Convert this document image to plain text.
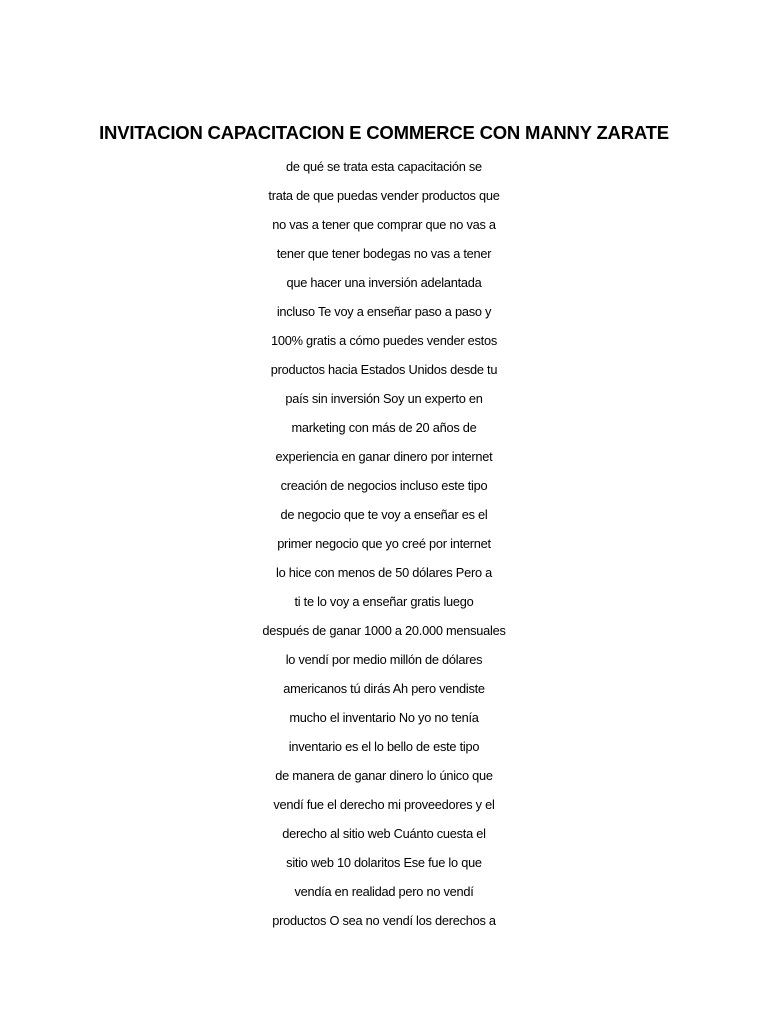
INVITACION CAPACITACION E COMMERCE CON MANNY ZARATE
de qué se trata esta capacitación se
trata de que puedas vender productos que
no vas a tener que comprar que no vas a
tener que tener bodegas no vas a tener
que hacer una inversión adelantada
incluso Te voy a enseñar paso a paso y
100% gratis a cómo puedes vender estos
productos hacia Estados Unidos desde tu
país sin inversión Soy un experto en
marketing con más de 20 años de
experiencia en ganar dinero por internet
creación de negocios incluso este tipo
de negocio que te voy a enseñar es el
primer negocio que yo creé por internet
lo hice con menos de 50 dólares Pero a
ti te lo voy a enseñar gratis luego
después de ganar 1000 a 20.000 mensuales
lo vendí por medio millón de dólares
americanos tú dirás Ah pero vendiste
mucho el inventario No yo no tenía
inventario es el lo bello de este tipo
de manera de ganar dinero lo único que
vendí fue el derecho mi proveedores y el
derecho al sitio web Cuánto cuesta el
sitio web 10 dolaritos Ese fue lo que
vendía en realidad pero no vendí
productos O sea no vendí los derechos a
